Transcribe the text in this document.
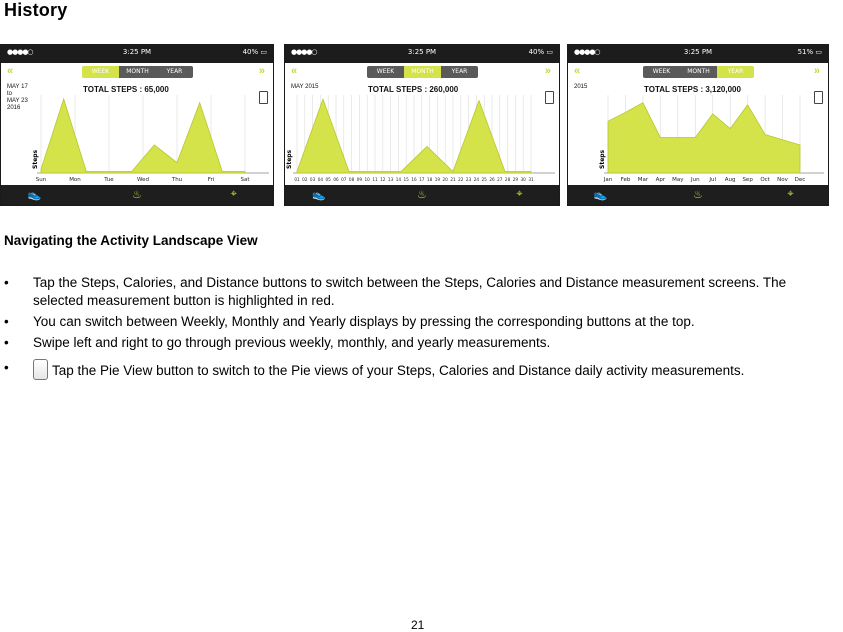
History
●●●●○	3:25 PM	40% ▭
«	WEEK	MONTH	YEAR	»
Sun	Mon	Tue	Wed	Thu	Fri	Sat
Steps
TOTAL STEPS : 65,000
MAY 17
to
MAY 23
2016
👟	♨	⌖
●●●●○	3:25 PM	40% ▭
«	WEEK	MONTH	YEAR	»
01 02 03 04 05 06 07 08 09 10 11 12 13 14 15 16 17 18 19 20 21 22 23 24 25 26 27 28 29 30 31
Steps
TOTAL STEPS : 260,000
MAY 2015
👟	♨	⌖
●●●●○	3:25 PM	51% ▭
«	WEEK	MONTH	YEAR	»
Jan Feb Mar Apr May Jun Jul Aug Sep Oct Nov Dec
Steps
TOTAL STEPS : 3,120,000
2015
👟	♨	⌖
Navigating the Activity Landscape View
• Tap the Steps, Calories, and Distance buttons to switch between the Steps, Calories and Distance measurement screens. The selected measurement button is highlighted in red.
• You can switch between Weekly, Monthly and Yearly displays by pressing the corresponding buttons at the top.
• Swipe left and right to go through previous weekly, monthly, and yearly measurements.
•	Tap the Pie View button to switch to the Pie views of your Steps, Calories and Distance daily activity measurements.
21
